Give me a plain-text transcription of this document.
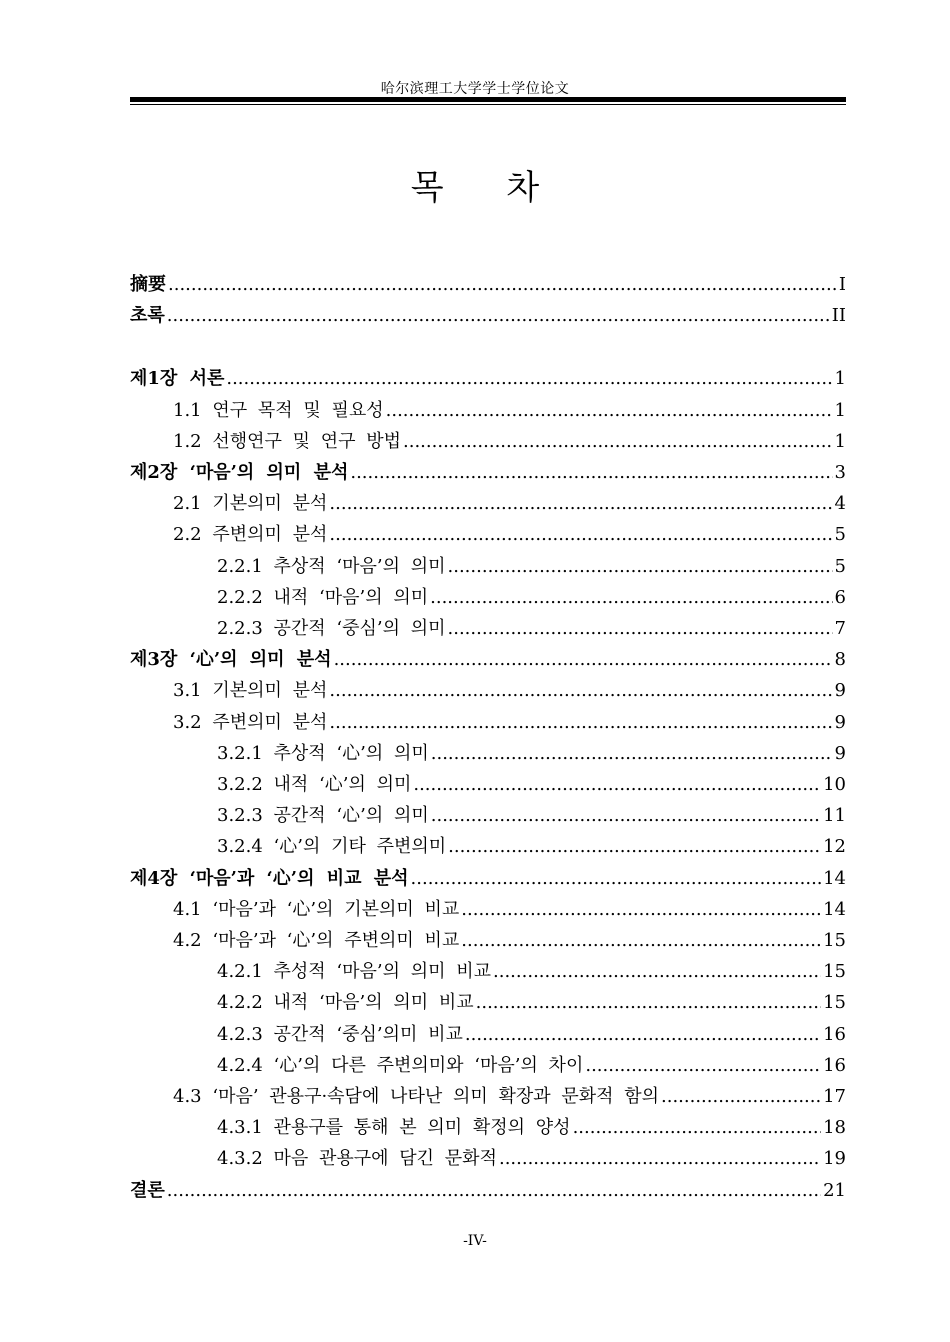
哈尔滨理工大学学士学位论文
목 차
摘要 .....	I
초록 .....	II
제1장 서론 .....	1
1.1 연구 목적 및 필요성 .....	1
1.2 선행연구 및 연구 방법 .....	1
제2장 ‘마음’의 의미 분석 .....	3
2.1 기본의미 분석 .....	4
2.2 주변의미 분석 .....	5
2.2.1 추상적 ‘마음’의 의미 .....	5
2.2.2 내적 ‘마음’의 의미 .....	6
2.2.3 공간적 ‘중심’의 의미 .....	7
제3장 ‘心’의 의미 분석 .....	8
3.1 기본의미 분석 .....	9
3.2 주변의미 분석 .....	9
3.2.1 추상적 ‘心’의 의미 .....	9
3.2.2 내적 ‘心’의 의미 .....	10
3.2.3 공간적 ‘心’의 의미 .....	11
3.2.4 ‘心’의 기타 주변의미 .....	12
제4장 ‘마음’과 ‘心’의 비교 분석 .....	14
4.1 ‘마음’과 ‘心’의 기본의미 비교 .....	14
4.2 ‘마음’과 ‘心’의 주변의미 비교 .....	15
4.2.1 추성적 ‘마음’의 의미 비교 .....	15
4.2.2 내적 ‘마음’의 의미 비교 .....	15
4.2.3 공간적 ‘중심’의미 비교 .....	16
4.2.4 ‘心’의 다른 주변의미와 ‘마음’의 차이 .....	16
4.3 ‘마음’ 관용구·속담에 나타난 의미 확장과 문화적 함의 .....	17
4.3.1 관용구를 통해 본 의미 확정의 양성 .....	18
4.3.2 마음 관용구에 담긴 문화적 .....	19
결론 .....	21
-IV-
